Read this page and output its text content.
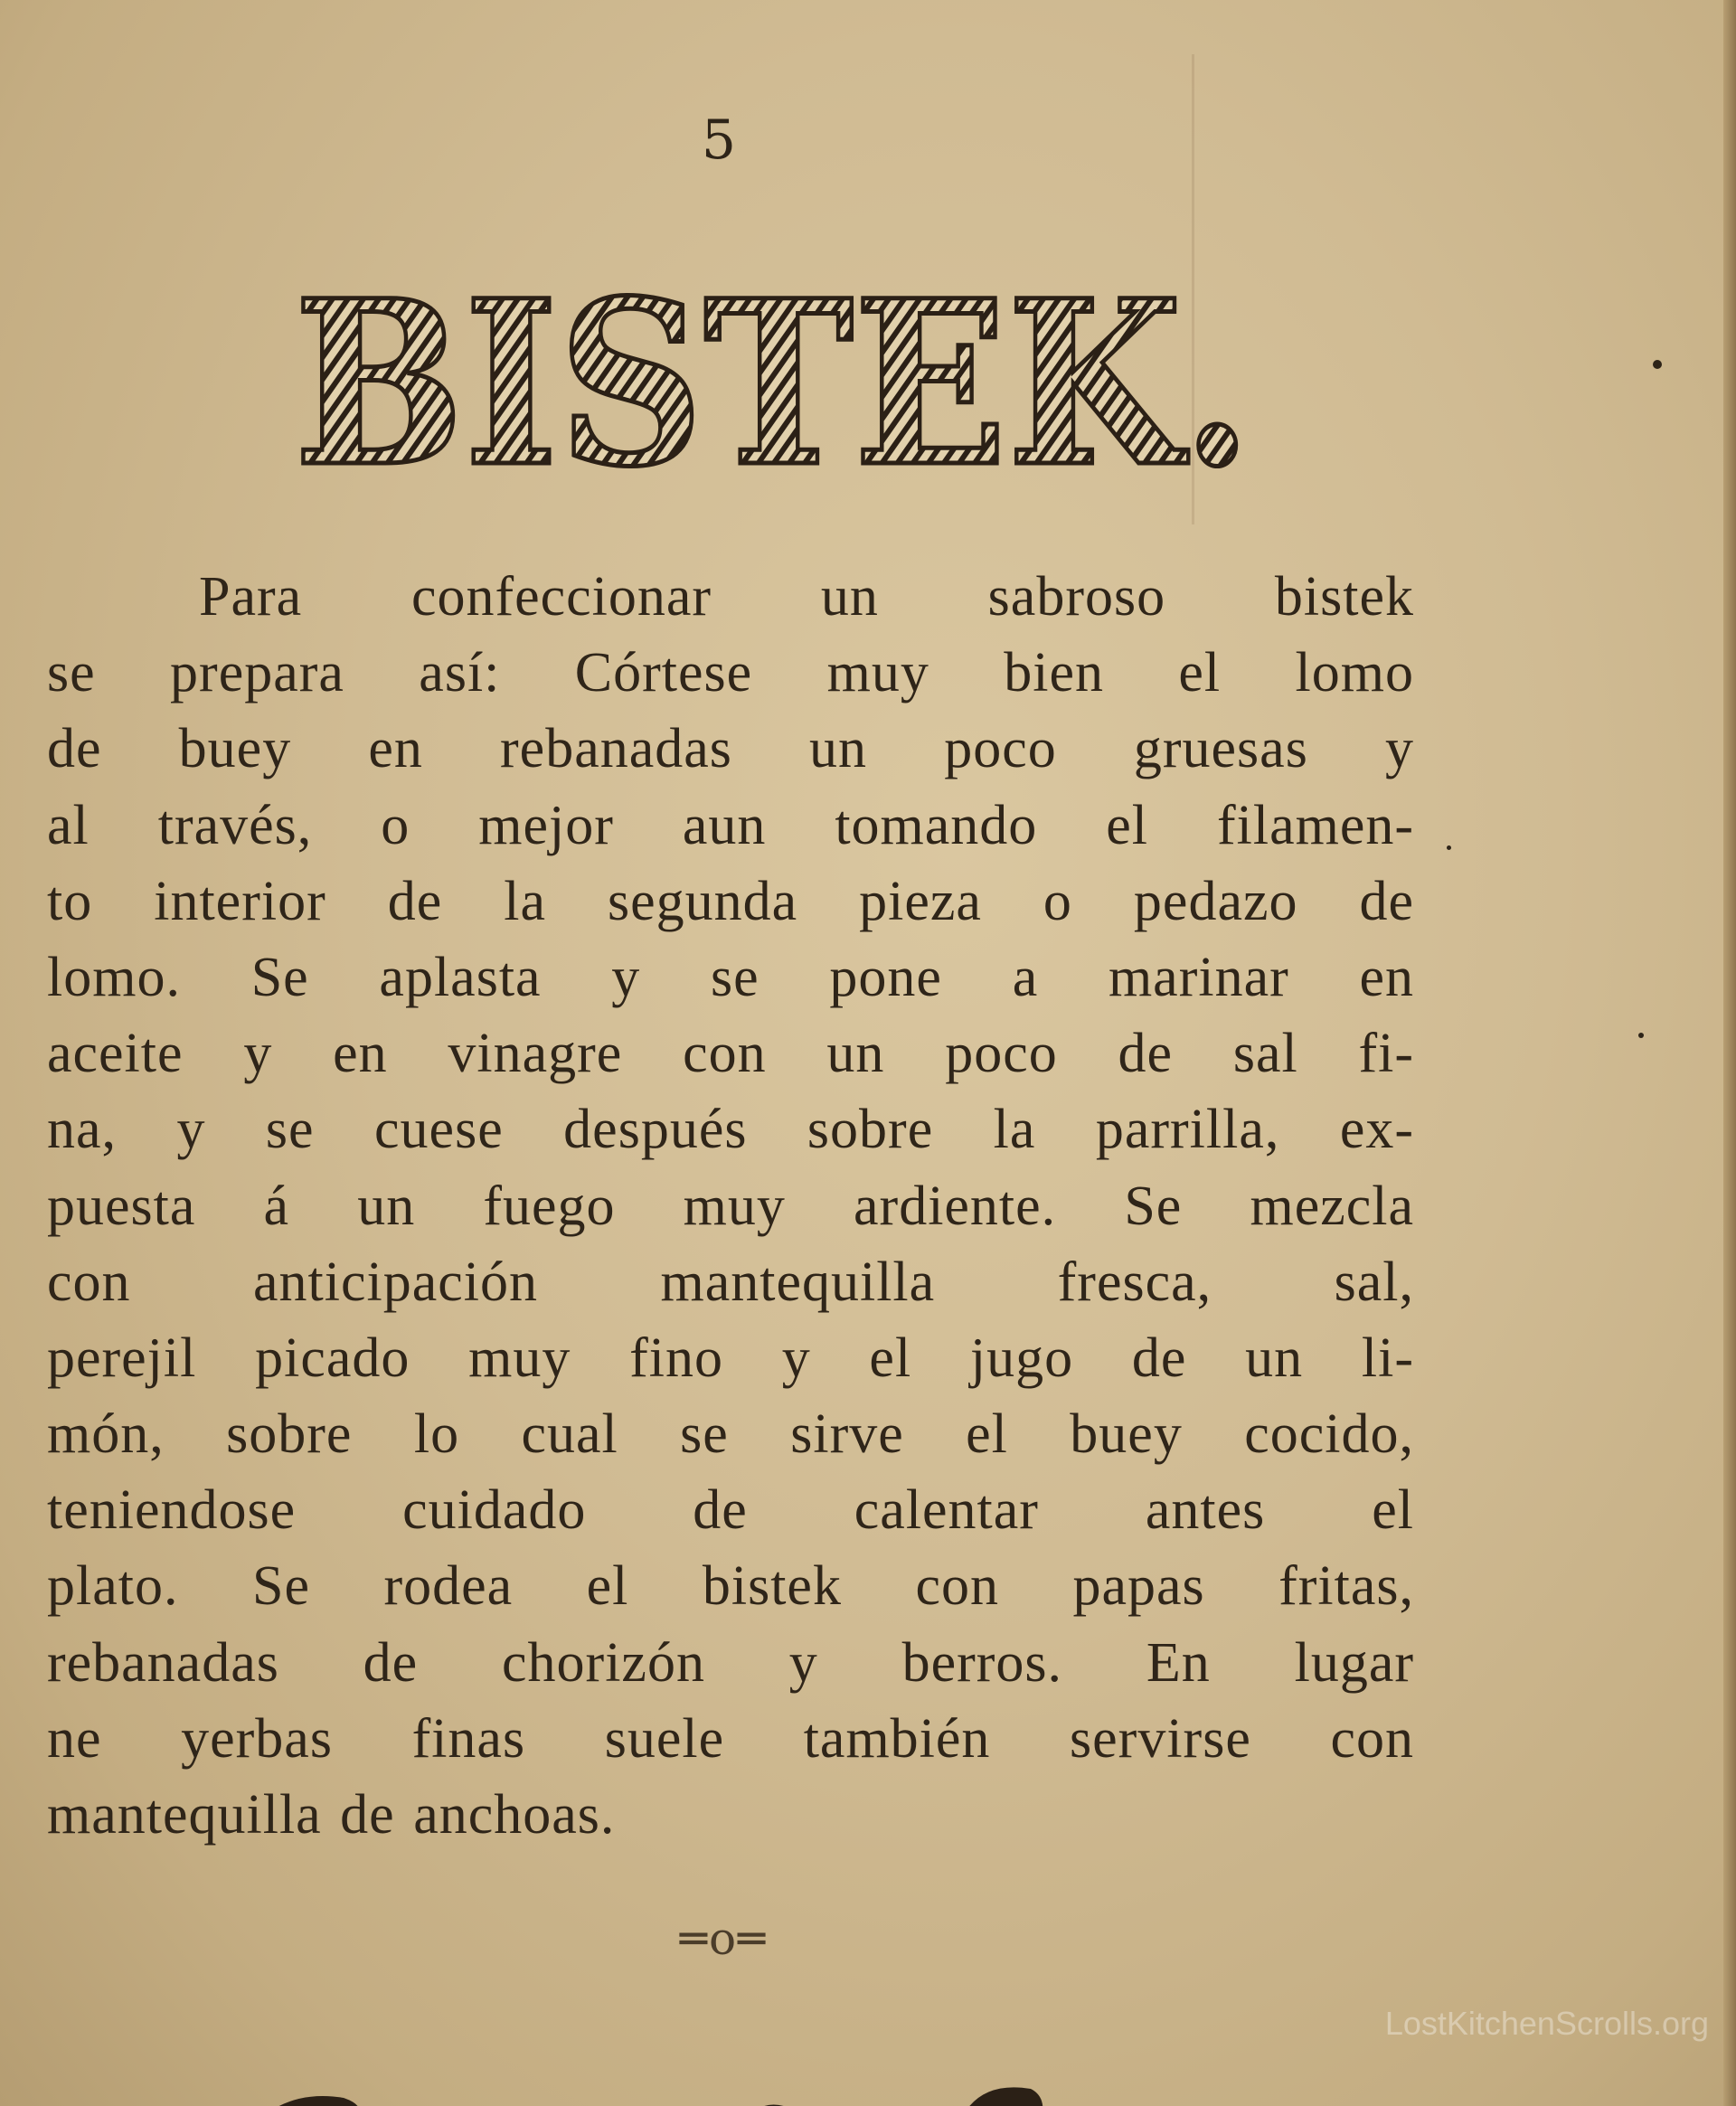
5
BISTEK.
Para confeccionar un sabroso bistek
se prepara así: Córtese muy bien el lomo
de buey en rebanadas un poco gruesas y
al través, o mejor aun tomando el filamen-
to interior de la segunda pieza o pedazo de
lomo. Se aplasta y se pone a marinar en
aceite y en vinagre con un poco de sal fi-
na, y se cuese después sobre la parrilla, ex-
puesta á un fuego muy ardiente. Se mezcla
con anticipación mantequilla fresca, sal,
perejil picado muy fino y el jugo de un li-
món, sobre lo cual se sirve el buey cocido,
teniendose cuidado de calentar antes el
plato. Se rodea el bistek con papas fritas,
rebanadas de chorizón y berros. En lugar
ne yerbas finas suele también servirse con
mantequilla de anchoas.
═o═
LostKitchenScrolls.org
